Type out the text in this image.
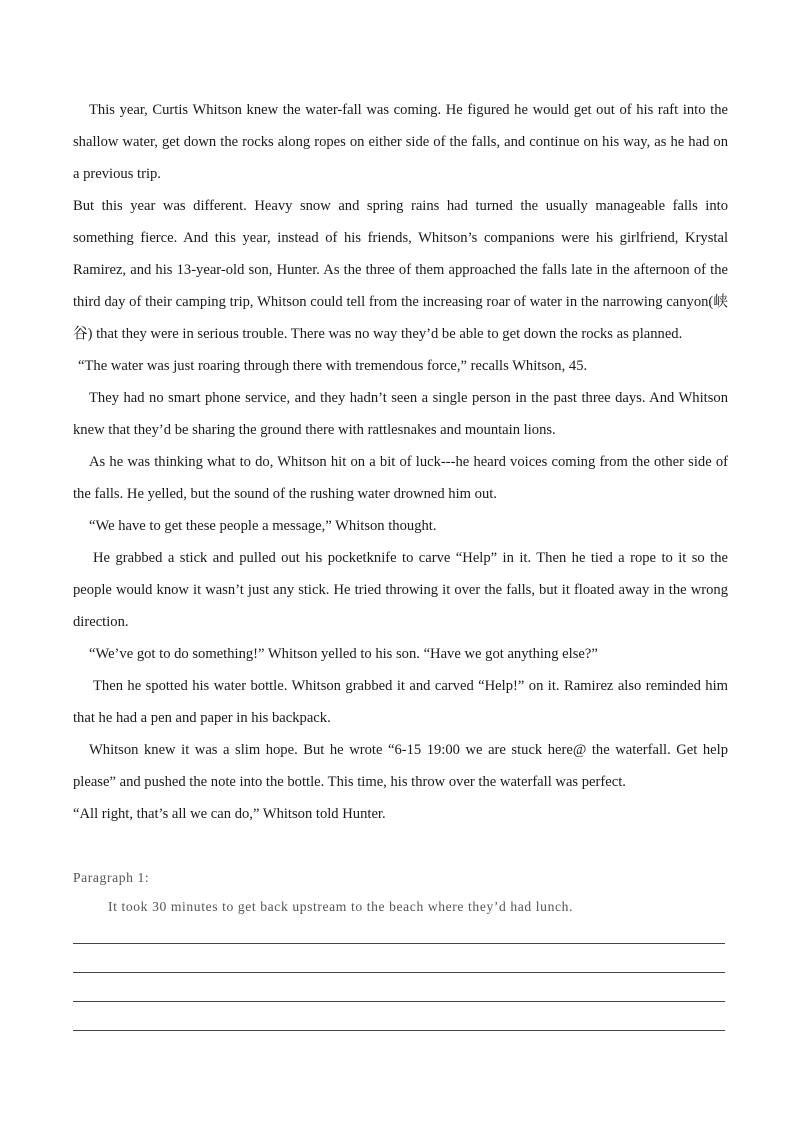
This year, Curtis Whitson knew the water-fall was coming. He figured he would get out of his raft into the shallow water, get down the rocks along ropes on either side of the falls, and continue on his way, as he had on a previous trip.

But this year was different. Heavy snow and spring rains had turned the usually manageable falls into something fierce. And this year, instead of his friends, Whitson’s companions were his girlfriend, Krystal Ramirez, and his 13-year-old son, Hunter. As the three of them approached the falls late in the afternoon of the third day of their camping trip, Whitson could tell from the increasing roar of water in the narrowing canyon(峡谷) that they were in serious trouble. There was no way they’d be able to get down the rocks as planned.

“The water was just roaring through there with tremendous force,” recalls Whitson, 45.

They had no smart phone service, and they hadn’t seen a single person in the past three days. And Whitson knew that they’d be sharing the ground there with rattlesnakes and mountain lions.

As he was thinking what to do, Whitson hit on a bit of luck---he heard voices coming from the other side of the falls. He yelled, but the sound of the rushing water drowned him out.

“We have to get these people a message,” Whitson thought.

He grabbed a stick and pulled out his pocketknife to carve “Help” in it. Then he tied a rope to it so the people would know it wasn’t just any stick. He tried throwing it over the falls, but it floated away in the wrong direction.

“We’ve got to do something!” Whitson yelled to his son. “Have we got anything else?”

Then he spotted his water bottle. Whitson grabbed it and carved “Help!” on it. Ramirez also reminded him that he had a pen and paper in his backpack.

Whitson knew it was a slim hope. But he wrote “6-15 19:00 we are stuck here@ the waterfall. Get help please” and pushed the note into the bottle. This time, his throw over the waterfall was perfect.

“All right, that’s all we can do,” Whitson told Hunter.

Paragraph 1:

It took 30 minutes to get back upstream to the beach where they’d had lunch.
